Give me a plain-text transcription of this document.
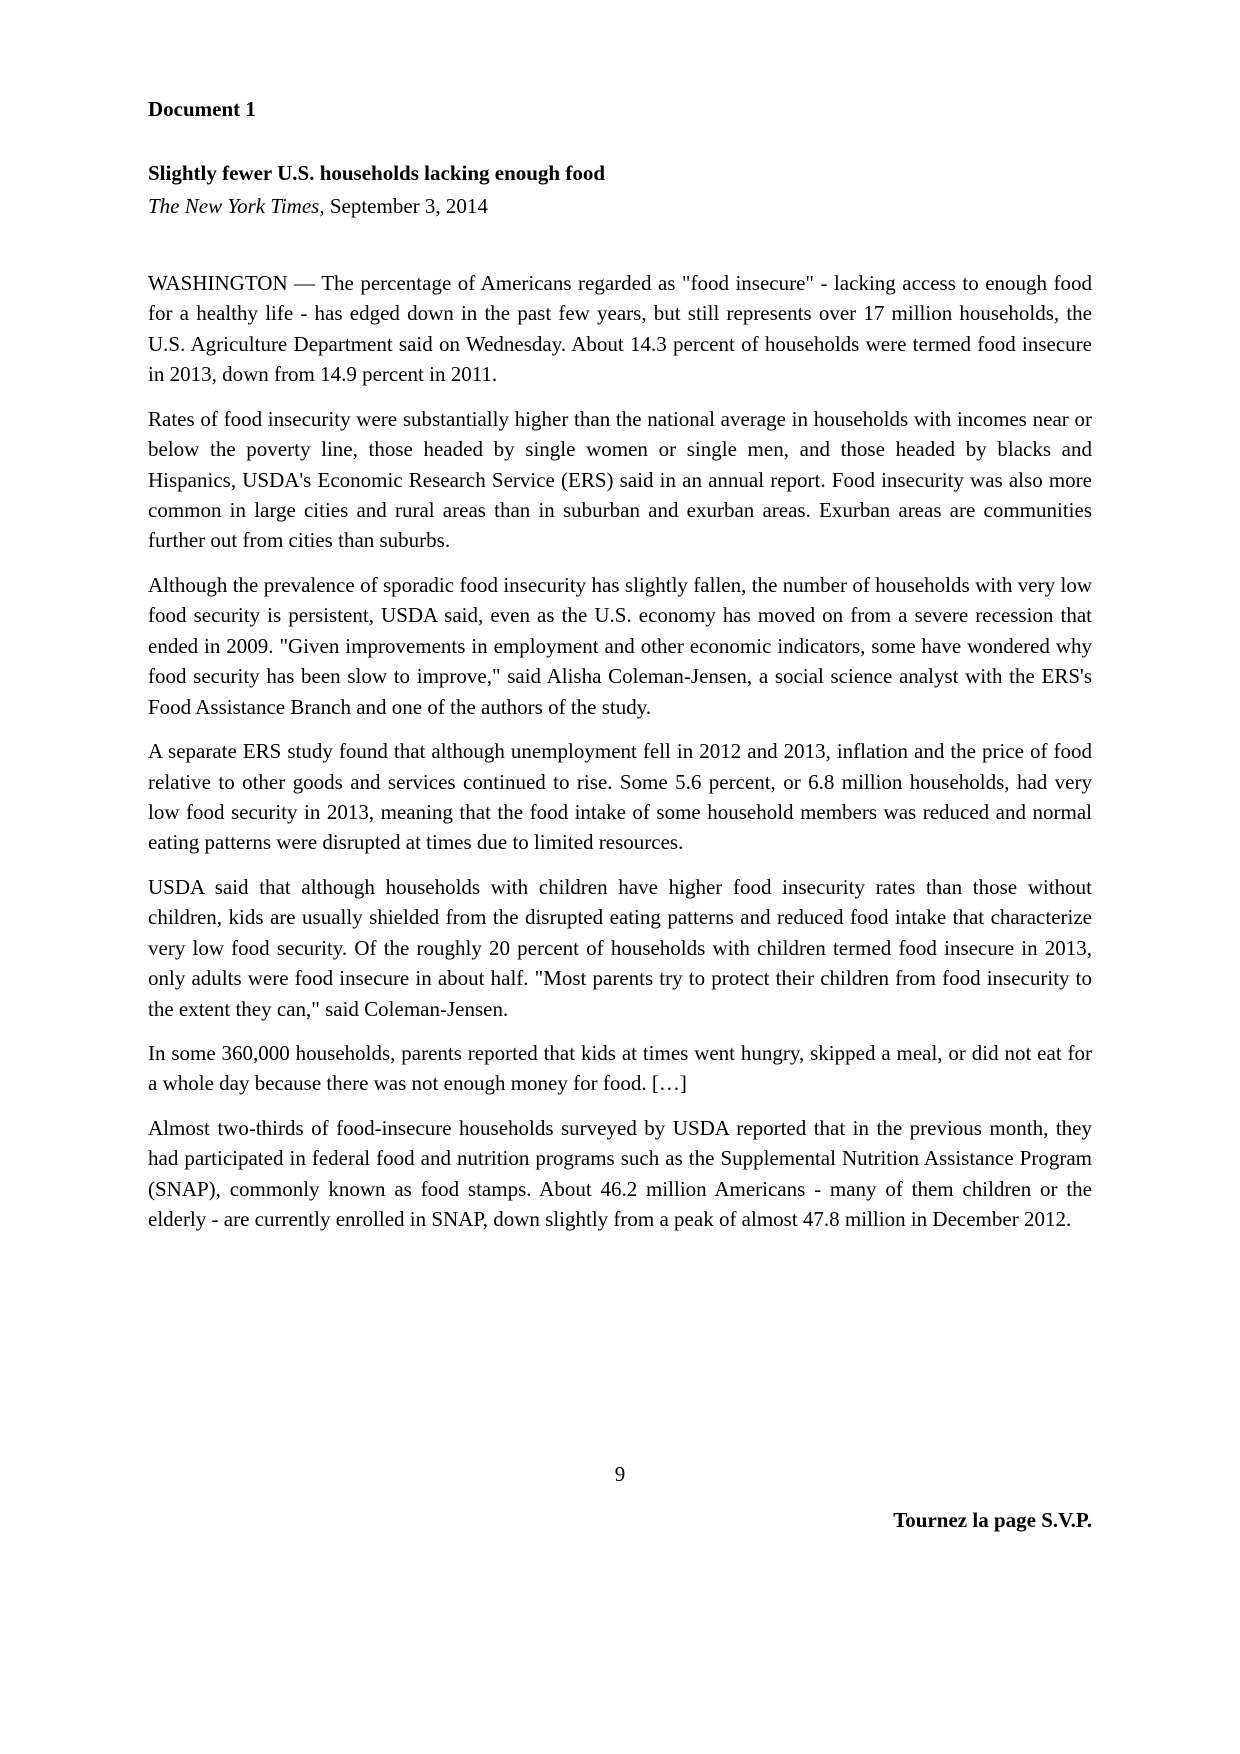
Document 1
Slightly fewer U.S. households lacking enough food
The New York Times, September 3, 2014

WASHINGTON — The percentage of Americans regarded as "food insecure" - lacking access to enough food for a healthy life - has edged down in the past few years, but still represents over 17 million households, the U.S. Agriculture Department said on Wednesday. About 14.3 percent of households were termed food insecure in 2013, down from 14.9 percent in 2011.

Rates of food insecurity were substantially higher than the national average in households with incomes near or below the poverty line, those headed by single women or single men, and those headed by blacks and Hispanics, USDA's Economic Research Service (ERS) said in an annual report. Food insecurity was also more common in large cities and rural areas than in suburban and exurban areas. Exurban areas are communities further out from cities than suburbs.

Although the prevalence of sporadic food insecurity has slightly fallen, the number of households with very low food security is persistent, USDA said, even as the U.S. economy has moved on from a severe recession that ended in 2009. "Given improvements in employment and other economic indicators, some have wondered why food security has been slow to improve," said Alisha Coleman-Jensen, a social science analyst with the ERS's Food Assistance Branch and one of the authors of the study.

A separate ERS study found that although unemployment fell in 2012 and 2013, inflation and the price of food relative to other goods and services continued to rise. Some 5.6 percent, or 6.8 million households, had very low food security in 2013, meaning that the food intake of some household members was reduced and normal eating patterns were disrupted at times due to limited resources.

USDA said that although households with children have higher food insecurity rates than those without children, kids are usually shielded from the disrupted eating patterns and reduced food intake that characterize very low food security. Of the roughly 20 percent of households with children termed food insecure in 2013, only adults were food insecure in about half. "Most parents try to protect their children from food insecurity to the extent they can," said Coleman-Jensen.

In some 360,000 households, parents reported that kids at times went hungry, skipped a meal, or did not eat for a whole day because there was not enough money for food. […]

Almost two-thirds of food-insecure households surveyed by USDA reported that in the previous month, they had participated in federal food and nutrition programs such as the Supplemental Nutrition Assistance Program (SNAP), commonly known as food stamps. About 46.2 million Americans - many of them children or the elderly - are currently enrolled in SNAP, down slightly from a peak of almost 47.8 million in December 2012.

9
Tournez la page S.V.P.
